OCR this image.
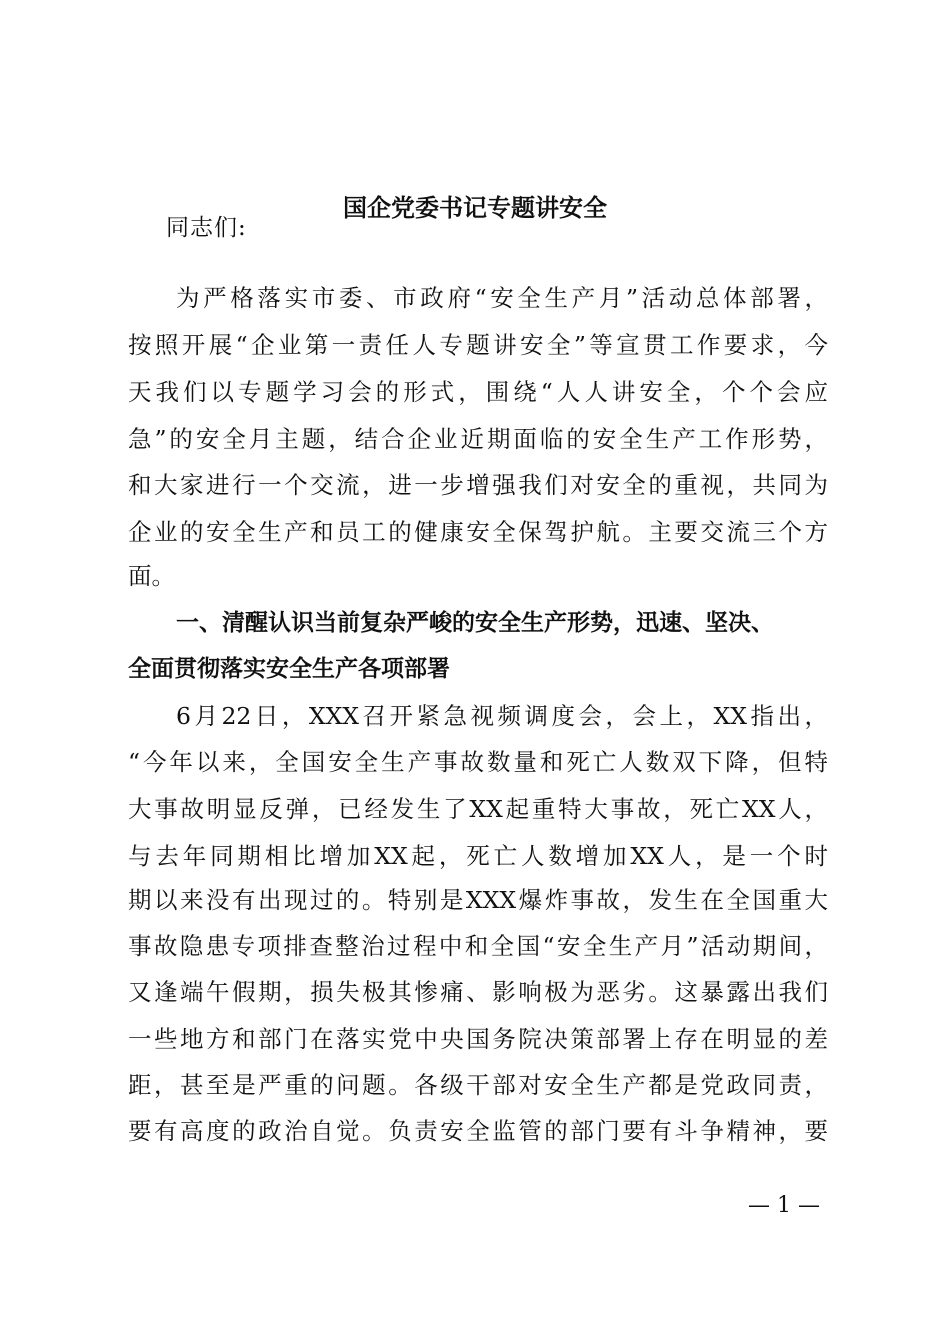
国企党委书记专题讲安全

同志们:

为严格落实市委、市政府“安全生产月”活动总体部署，

按照开展“企业第一责任人专题讲安全”等宣贯工作要求，今

天我们以专题学习会的形式，围绕“人人讲安全，个个会应

急”的安全月主题，结合企业近期面临的安全生产工作形势，

和大家进行一个交流，进一步增强我们对安全的重视，共同为

企业的安全生产和员工的健康安全保驾护航。主要交流三个方

面。

一、清醒认识当前复杂严峻的安全生产形势，迅速、坚决、

全面贯彻落实安全生产各项部署

6月22日，XXX召开紧急视频调度会，会上，XX指出，

“今年以来，全国安全生产事故数量和死亡人数双下降，但特

大事故明显反弹，已经发生了XX起重特大事故，死亡XX人，

与去年同期相比增加XX起，死亡人数增加XX人，是一个时

期以来没有出现过的。特别是XXX爆炸事故，发生在全国重大

事故隐患专项排查整治过程中和全国“安全生产月”活动期间，

又逢端午假期，损失极其惨痛、影响极为恶劣。这暴露出我们

一些地方和部门在落实党中央国务院决策部署上存在明显的差

距，甚至是严重的问题。各级干部对安全生产都是党政同责，

要有高度的政治自觉。负责安全监管的部门要有斗争精神，要

— 1 —
